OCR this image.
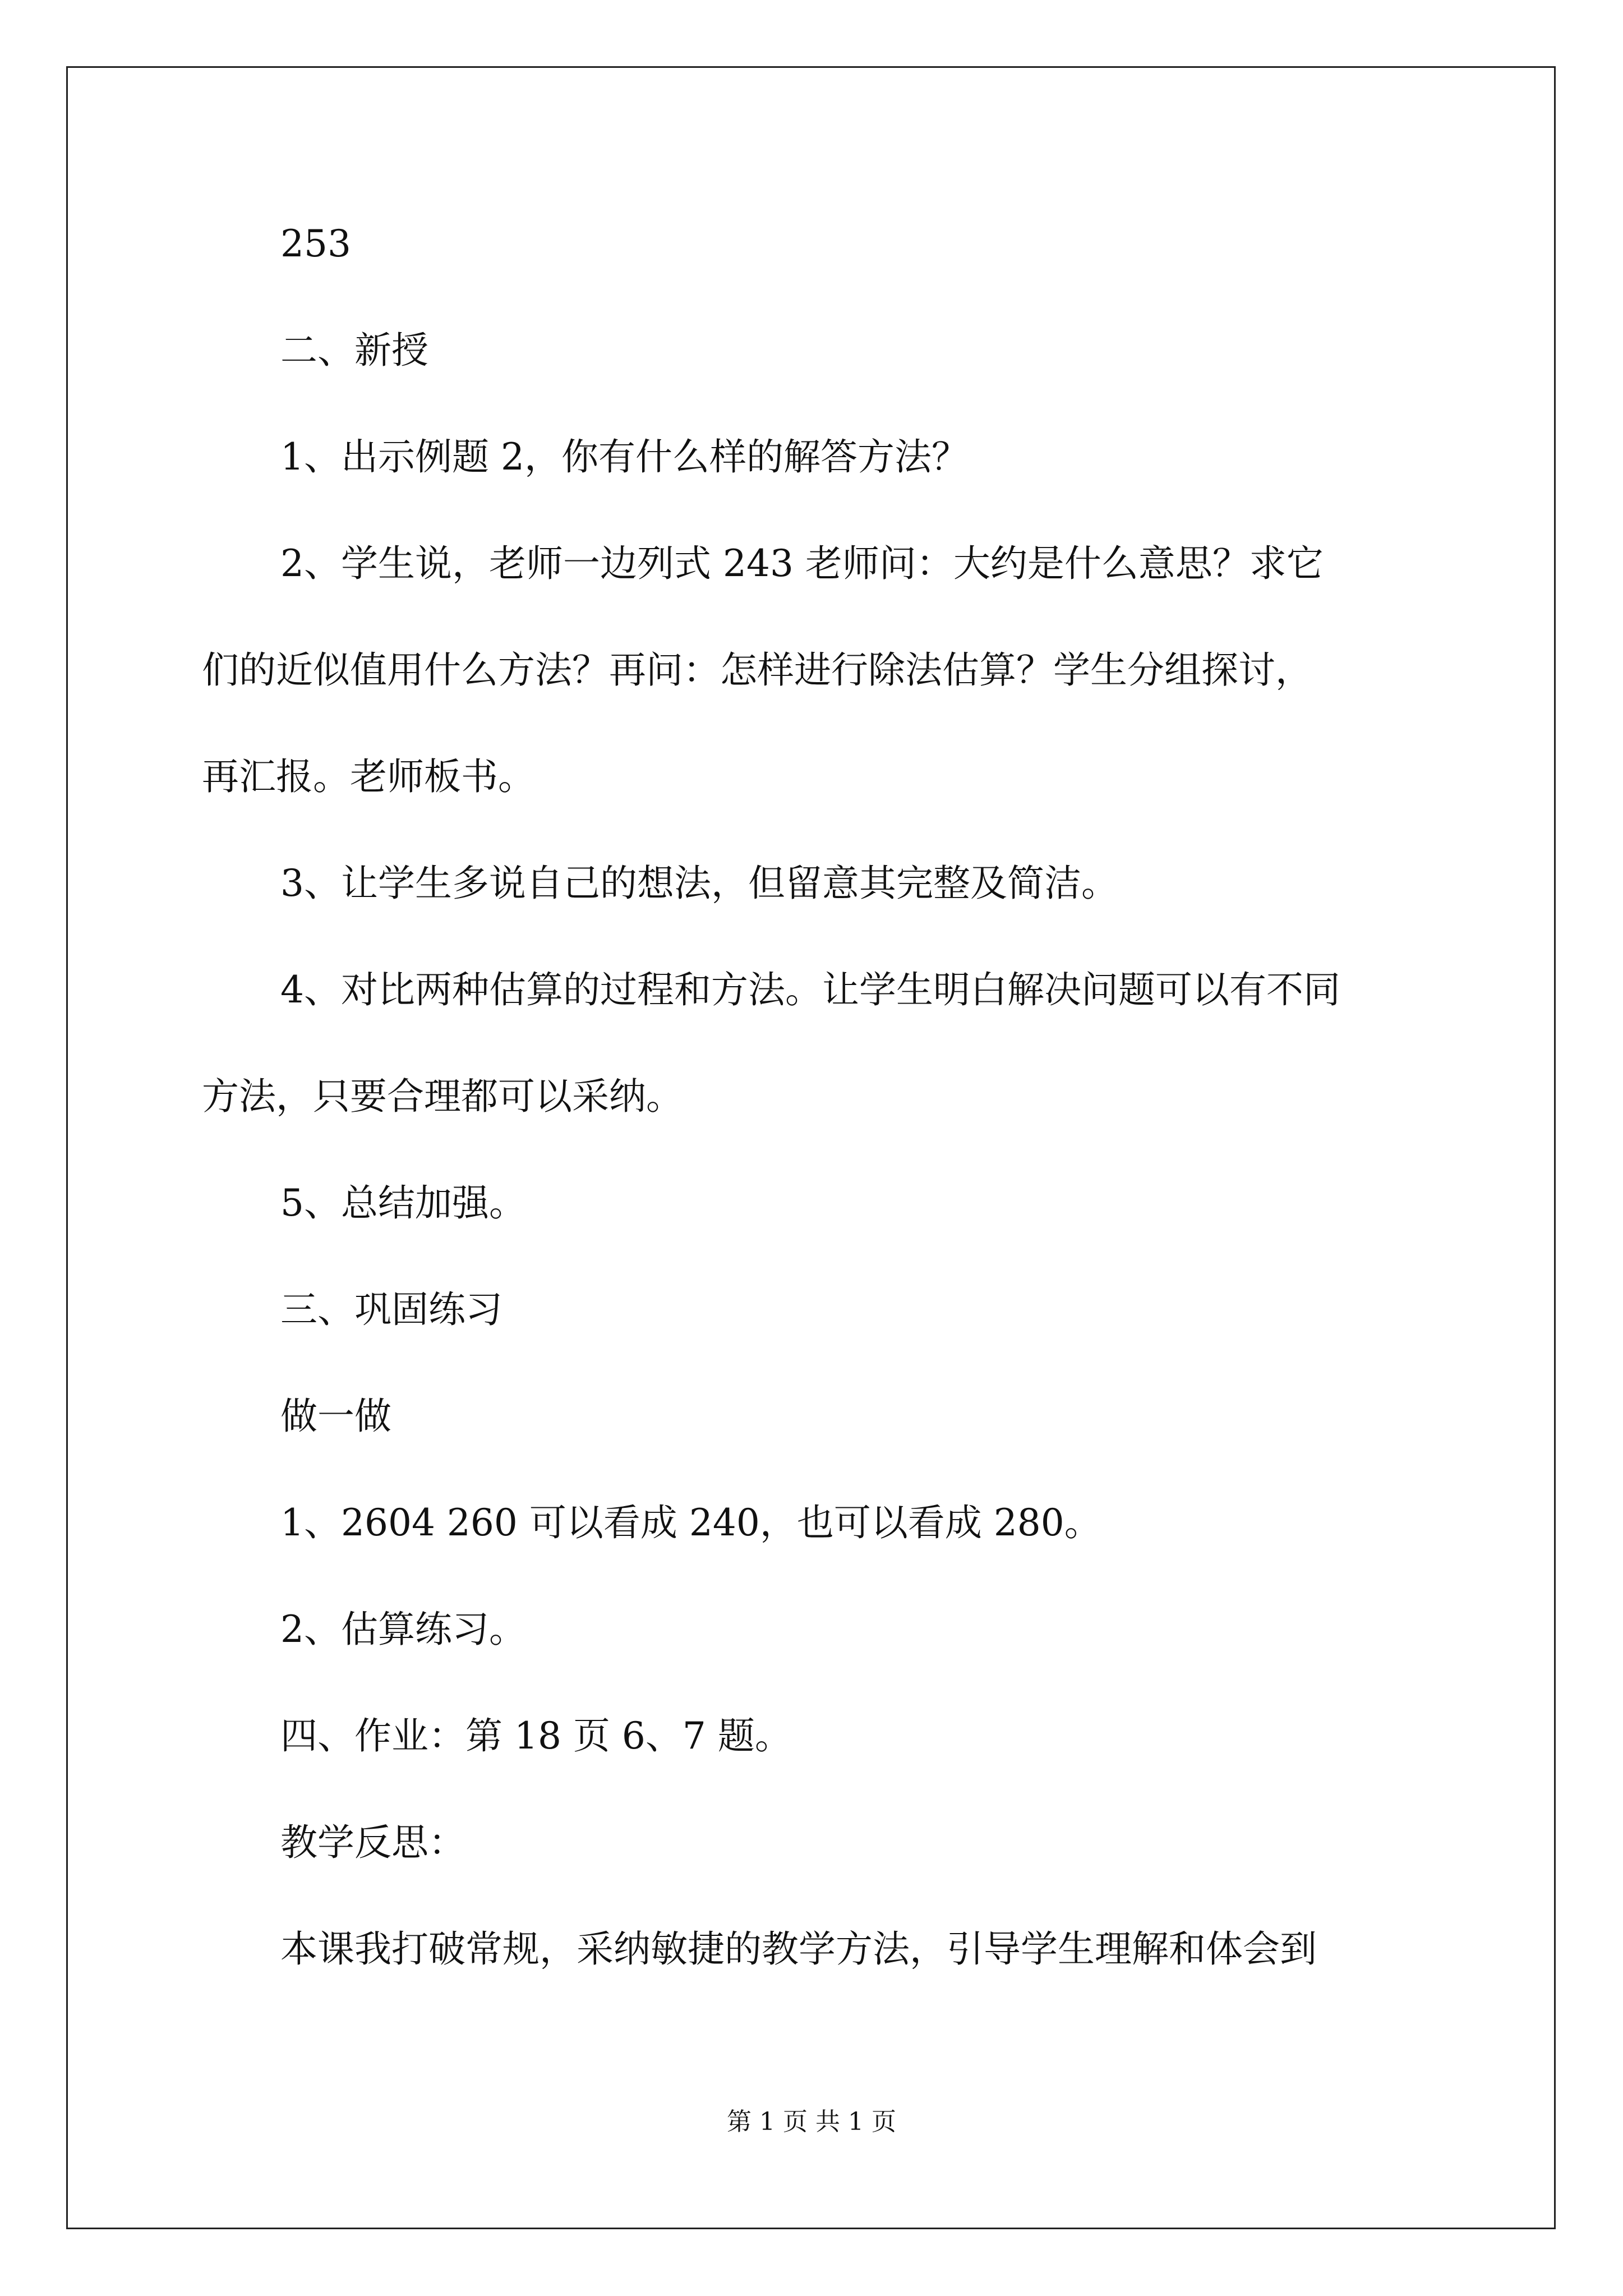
253
二、新授
1、出示例题 2，你有什么样的解答方法？
2、学生说，老师一边列式 243 老师问：大约是什么意思？求它
们的近似值用什么方法？再问：怎样进行除法估算？学生分组探讨，
再汇报。老师板书。
3、让学生多说自己的想法，但留意其完整及简洁。
4、对比两种估算的过程和方法。让学生明白解决问题可以有不同
方法，只要合理都可以采纳。
5、总结加强。
三、巩固练习
做一做
1、2604 260 可以看成 240，也可以看成 280。
2、估算练习。
四、作业：第 18 页 6、7 题。
教学反思：
本课我打破常规，采纳敏捷的教学方法，引导学生理解和体会到
第 1 页 共 1 页
